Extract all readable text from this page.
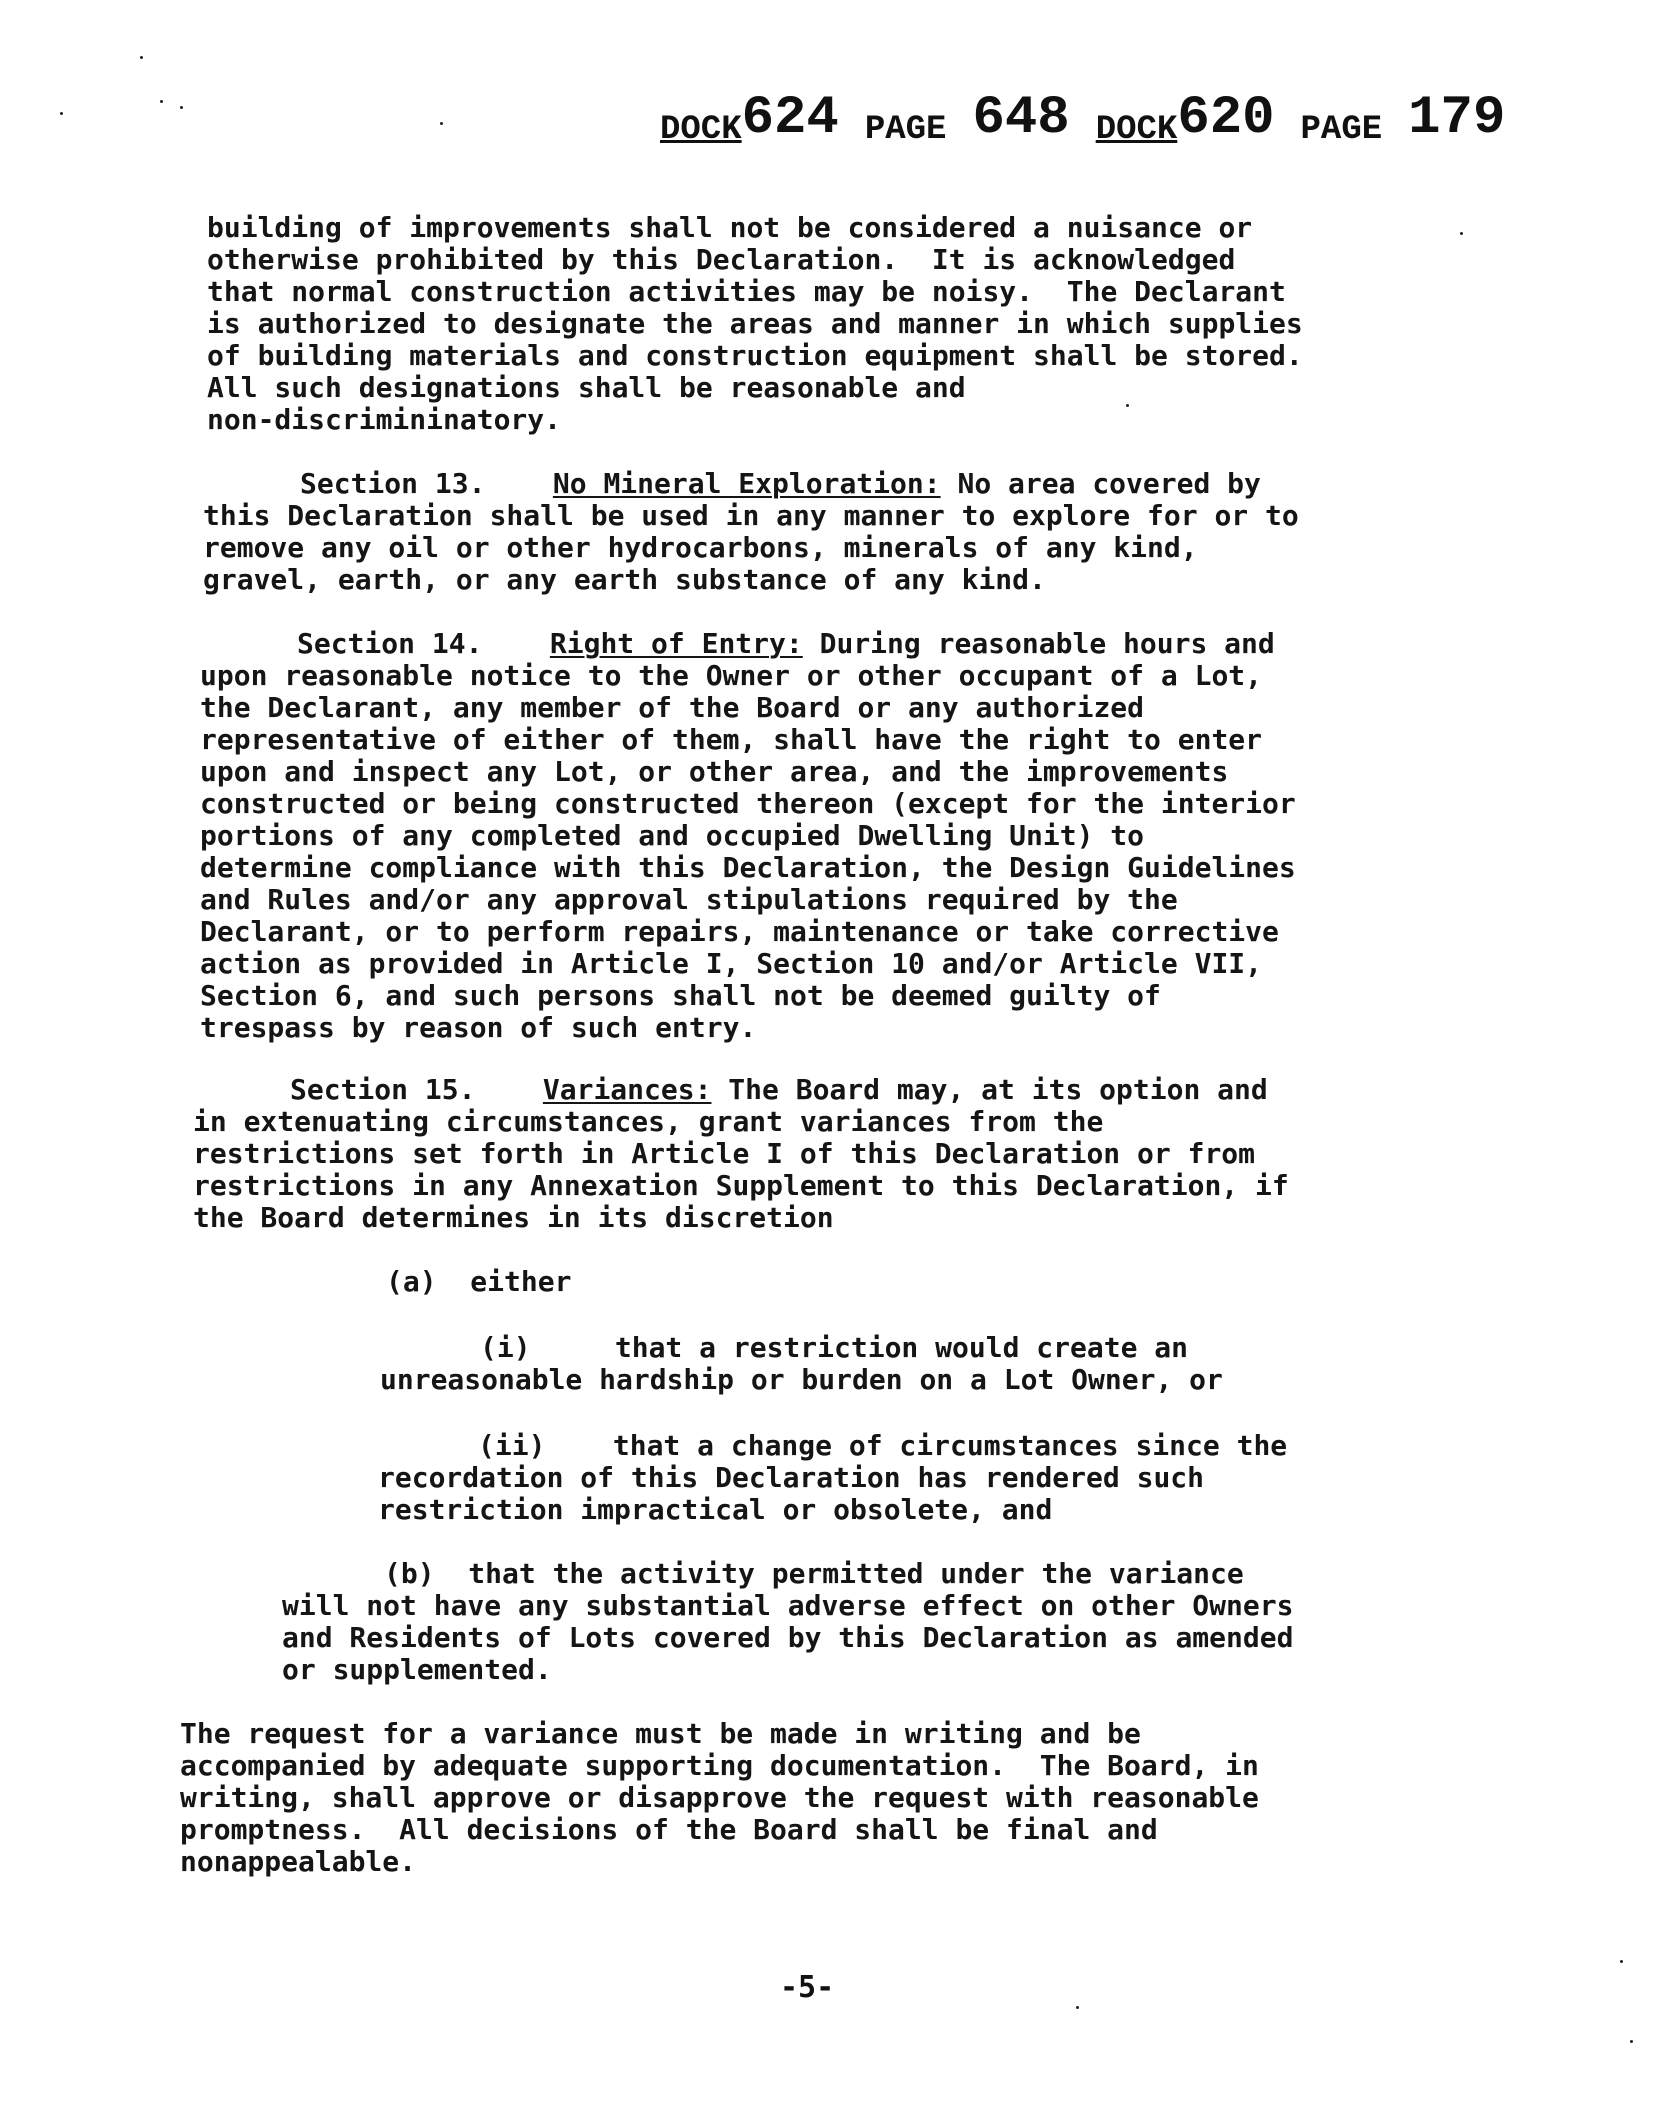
DOCK624 PAGE 648 DOCK620 PAGE 179
building of improvements shall not be considered a nuisance or
otherwise prohibited by this Declaration.  It is acknowledged
that normal construction activities may be noisy.  The Declarant
is authorized to designate the areas and manner in which supplies
of building materials and construction equipment shall be stored.
All such designations shall be reasonable and
non-discrimininatory.
Section 13. No Mineral Exploration: No area covered by
this Declaration shall be used in any manner to explore for or to
remove any oil or other hydrocarbons, minerals of any kind,
gravel, earth, or any earth substance of any kind.
Section 14. Right of Entry: During reasonable hours and
upon reasonable notice to the Owner or other occupant of a Lot,
the Declarant, any member of the Board or any authorized
representative of either of them, shall have the right to enter
upon and inspect any Lot, or other area, and the improvements
constructed or being constructed thereon (except for the interior
portions of any completed and occupied Dwelling Unit) to
determine compliance with this Declaration, the Design Guidelines
and Rules and/or any approval stipulations required by the
Declarant, or to perform repairs, maintenance or take corrective
action as provided in Article I, Section 10 and/or Article VII,
Section 6, and such persons shall not be deemed guilty of
trespass by reason of such entry.
Section 15. Variances: The Board may, at its option and
in extenuating circumstances, grant variances from the
restrictions set forth in Article I of this Declaration or from
restrictions in any Annexation Supplement to this Declaration, if
the Board determines in its discretion
(a)  either
(i)     that a restriction would create an
unreasonable hardship or burden on a Lot Owner, or
(ii)    that a change of circumstances since the
recordation of this Declaration has rendered such
restriction impractical or obsolete, and
(b)  that the activity permitted under the variance
will not have any substantial adverse effect on other Owners
and Residents of Lots covered by this Declaration as amended
or supplemented.
The request for a variance must be made in writing and be
accompanied by adequate supporting documentation.  The Board, in
writing, shall approve or disapprove the request with reasonable
promptness.  All decisions of the Board shall be final and
nonappealable.
-5-
